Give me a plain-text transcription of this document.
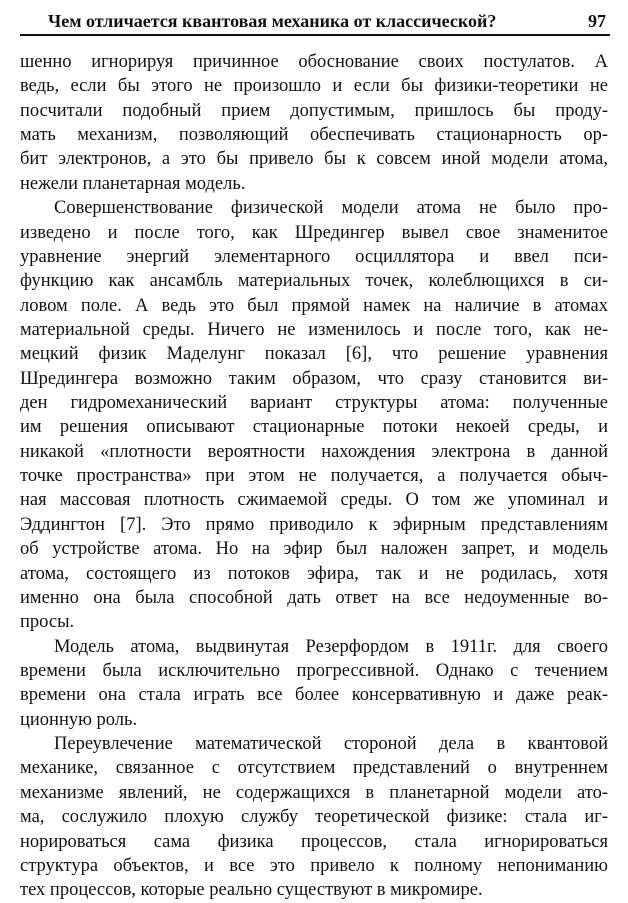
Чем отличается квантовая механика от классической?	97
шенно игнорируя причинное обоснование своих постулатов. А
ведь, если бы этого не произошло и если бы физики-теоретики не
посчитали подобный прием допустимым, пришлось бы проду-
мать механизм, позволяющий обеспечивать стационарность ор-
бит электронов, а это бы привело бы к совсем иной модели атома,
нежели планетарная модель.
Совершенствование физической модели атома не было про-
изведено и после того, как Шредингер вывел свое знаменитое
уравнение энергий элементарного осциллятора и ввел пси-
функцию как ансамбль материальных точек, колеблющихся в си-
ловом поле. А ведь это был прямой намек на наличие в атомах
материальной среды. Ничего не изменилось и после того, как не-
мецкий физик Маделунг показал [6], что решение уравнения
Шредингера возможно таким образом, что сразу становится ви-
ден гидромеханический вариант структуры атома: полученные
им решения описывают стационарные потоки некоей среды, и
никакой «плотности вероятности нахождения электрона в данной
точке пространства» при этом не получается, а получается обыч-
ная массовая плотность сжимаемой среды. О том же упоминал и
Эддингтон [7]. Это прямо приводило к эфирным представлениям
об устройстве атома. Но на эфир был наложен запрет, и модель
атома, состоящего из потоков эфира, так и не родилась, хотя
именно она была способной дать ответ на все недоуменные во-
просы.
Модель атома, выдвинутая Резерфордом в 1911г. для своего
времени была исключительно прогрессивной. Однако с течением
времени она стала играть все более консервативную и даже реак-
ционную роль.
Переувлечение математической стороной дела в квантовой
механике, связанное с отсутствием представлений о внутреннем
механизме явлений, не содержащихся в планетарной модели ато-
ма, сослужило плохую службу теоретической физике: стала иг-
норироваться сама физика процессов, стала игнорироваться
структура объектов, и все это привело к полному непониманию
тех процессов, которые реально существуют в микромире.
